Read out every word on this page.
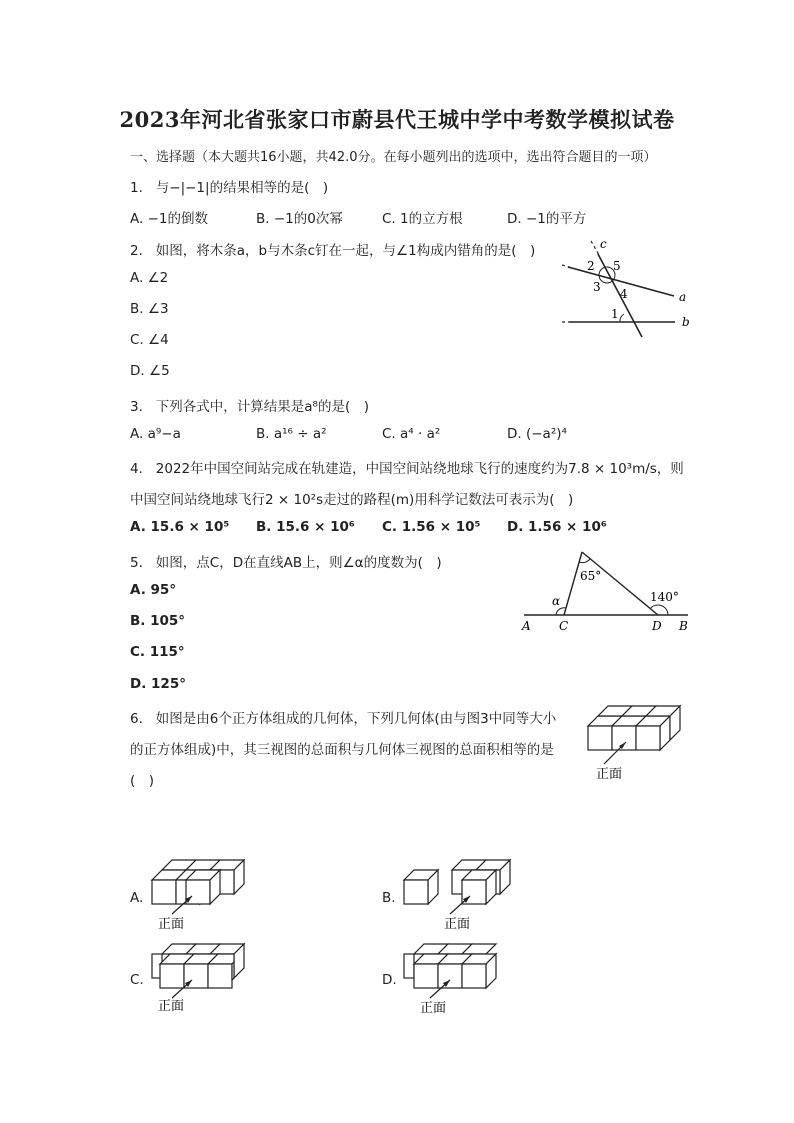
2023年河北省张家口市蔚县代王城中学中考数学模拟试卷
一、选择题（本大题共16小题，共42.0分。在每小题列出的选项中，选出符合题目的一项）
1. 与−|−1|的结果相等的是(　)
A. −1的倒数	B. −1的0次幂	C. 1的立方根	D. −1的平方
2. 如图，将木条a，b与木条c钉在一起，与∠1构成内错角的是(　)
A. ∠2
B. ∠3
C. ∠4
D. ∠5
c
2 5
3 4	a
1
b
3. 下列各式中，计算结果是a⁸的是(　)
A. a⁹−a	B. a¹⁶ ÷ a²	C. a⁴ · a²	D. (−a²)⁴
4. 2022年中国空间站完成在轨建造，中国空间站绕地球飞行的速度约为7.8 × 10³m/s，则
中国空间站绕地球飞行2 × 10²s走过的路程(m)用科学记数法可表示为(　)
A. 15.6 × 10⁵ B. 15.6 × 10⁶ C. 1.56 × 10⁵ D. 1.56 × 10⁶
5. 如图，点C，D在直线AB上，则∠α的度数为(　)
A. 95°
B. 105°
C. 115°
D. 125°
65°
α	140°
A C	D B
6. 如图是由6个正方体组成的几何体，下列几何体(由与图3中同等大小
的正方体组成)中，其三视图的总面积与几何体三视图的总面积相等的是
(　)	正面
A.
正面
B.
正面
C.
正面
D.
正面
